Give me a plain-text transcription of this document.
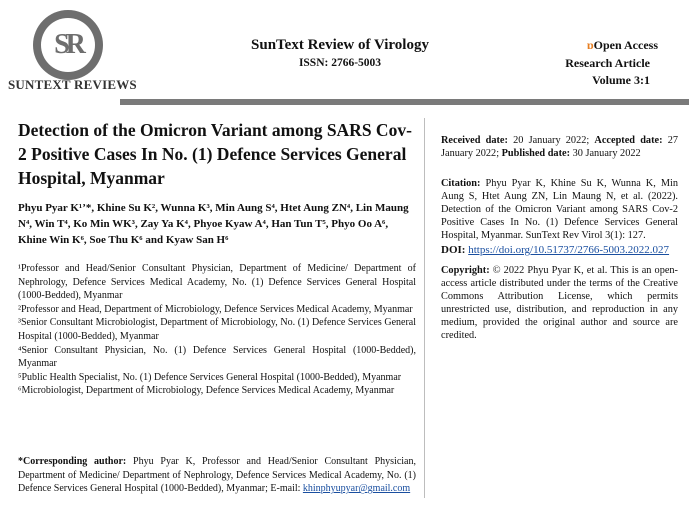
SR
SUNTEXT REVIEWS
SunText Review of Virology
ISSN: 2766-5003
ɒOpen Access
Research Article
Volume 3:1
Detection of the Omicron Variant among SARS Cov-2 Positive Cases In No. (1) Defence Services General Hospital, Myanmar
Phyu Pyar K¹ʼ*, Khine Su K², Wunna K³, Min Aung S⁴, Htet Aung ZN⁴, Lin Maung N⁴, Win T⁴, Ko Min WK³, Zay Ya K⁴, Phyoe Kyaw A⁴, Han Tun T⁵, Phyo Oo A⁶, Khine Win K⁶, Soe Thu K⁶ and Kyaw San H⁶

¹Professor and Head/Senior Consultant Physician, Department of Medicine/ Department of Nephrology, Defence Services Medical Academy, No. (1) Defence Services General Hospital (1000-Bedded), Myanmar

²Professor and Head, Department of Microbiology, Defence Services Medical Academy, Myanmar

³Senior Consultant Microbiologist, Department of Microbiology, No. (1) Defence Services General Hospital (1000-Bedded), Myanmar

⁴Senior Consultant Physician, No. (1) Defence Services General Hospital (1000-Bedded), Myanmar

⁵Public Health Specialist, No. (1) Defence Services General Hospital (1000-Bedded), Myanmar

⁶Microbiologist, Department of Microbiology, Defence Services Medical Academy, Myanmar

*Corresponding author: Phyu Pyar K, Professor and Head/Senior Consultant Physician, Department of Medicine/ Department of Nephrology, Defence Services Medical Academy, No. (1) Defence Services General Hospital (1000-Bedded), Myanmar; E-mail: khinphyupyar@gmail.com
Received date: 20 January 2022; Accepted date: 27 January 2022; Published date: 30 January 2022
Citation: Phyu Pyar K, Khine Su K, Wunna K, Min Aung S, Htet Aung ZN, Lin Maung N, et al. (2022). Detection of the Omicron Variant among SARS Cov-2 Positive Cases In No. (1) Defence Services General Hospital, Myanmar. SunText Rev Virol 3(1): 127.
DOI: https://doi.org/10.51737/2766-5003.2022.027
Copyright: © 2022 Phyu Pyar K, et al. This is an open-access article distributed under the terms of the Creative Commons Attribution License, which permits unrestricted use, distribution, and reproduction in any medium, provided the original author and source are credited.
